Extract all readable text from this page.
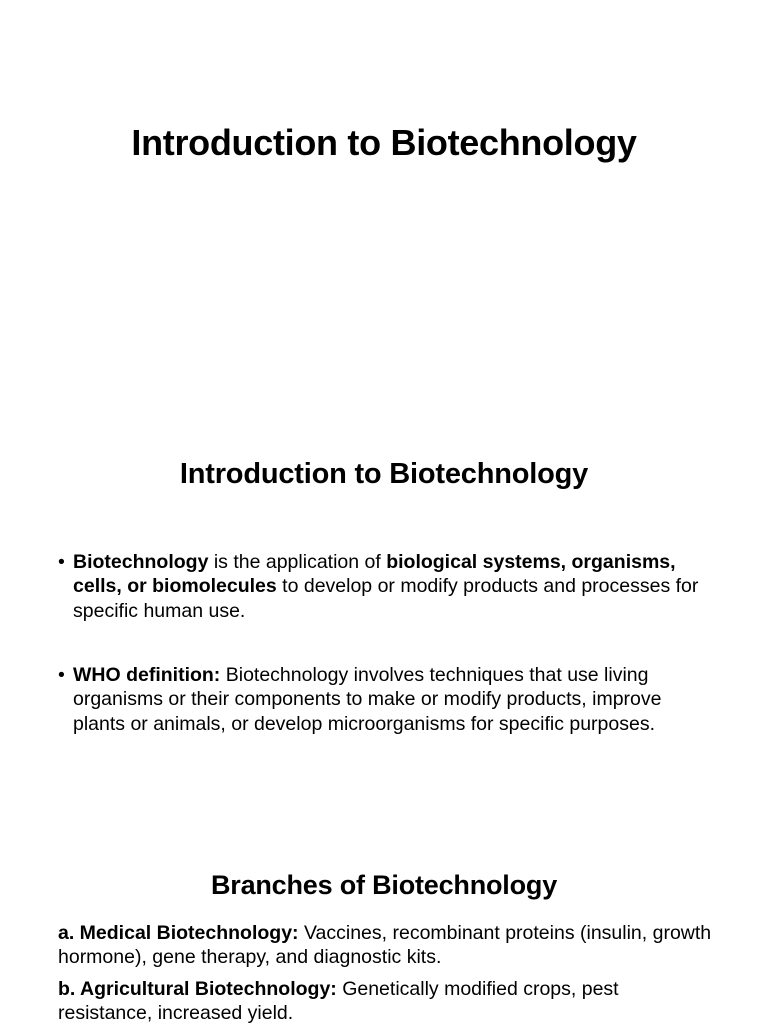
Introduction to Biotechnology
Introduction to Biotechnology
• Biotechnology is the application of biological systems, organisms, cells, or biomolecules to develop or modify products and processes for specific human use.
• WHO definition: Biotechnology involves techniques that use living organisms or their components to make or modify products, improve plants or animals, or develop microorganisms for specific purposes.
Branches of Biotechnology
a. Medical Biotechnology: Vaccines, recombinant proteins (insulin, growth hormone), gene therapy, and diagnostic kits.
b. Agricultural Biotechnology: Genetically modified crops, pest resistance, increased yield.
